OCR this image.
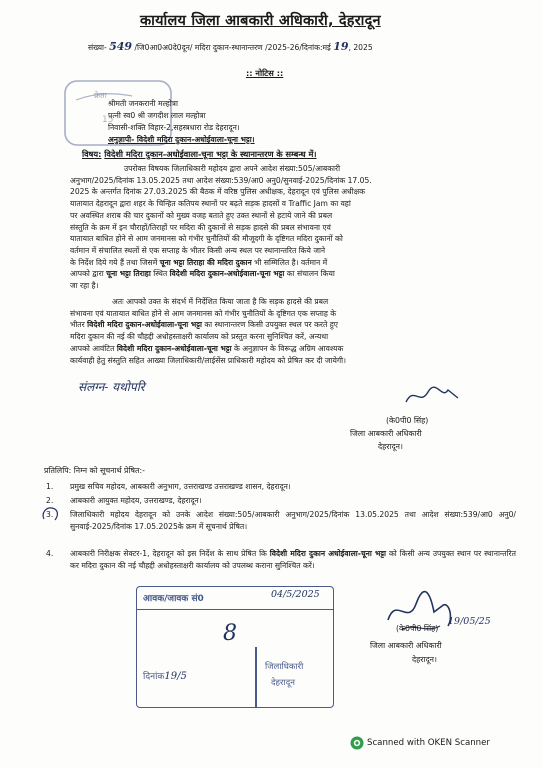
कार्यालय जिला आबकारी अधिकारी, देहरादून
संख्या- 549 /जि0आ0अ0दे0दून/ मदिरा दुकान-स्थानान्तरण /2025-26/दिनांक:मई 19, 2025
:: नोटिस ::
क्रेता
15
श्रीमती जनकरानी मल्होत्रा
पत्नी स्व0 श्री जगदीश लाल मल्होत्रा
निवासी-शक्ति विहार-2,सहस्त्रधारा रोड देहरादून।
अनुज्ञापी- विदेशी मदिरा दुकान-अधोईवाला-चूना भट्टा।
विषय: विदेशी मदिरा दुकान-अधोईवाला-चूना भट्टा के स्थानान्तरण के सम्बन्ध में।
उपरोक्त विषयक जिलाधिकारी महोदय द्वारा अपने आदेश संख्या:505/आबकारी
अनुभाग/2025/दिनांक 13.05.2025 तथा आदेश संख्या:539/आ0 अनु0/सुनवाई-2025/दिनांक 17.05.
2025 के अन्तर्गत दिनांक 27.03.2025 की बैठक में वरिष्ठ पुलिस अधीक्षक, देहरादून एवं पुलिस अधीक्षक
यातायात देहरादून द्वारा शहर के चिन्हित कतिपय स्थानों पर बढ़ते सड़क हादसों व Traffic Jam का वहां
पर अवस्थित शराब की चार दुकानों को मुख्य वजह बताते हुए उक्त स्थानों से हटाये जाने की प्रबल
संस्तुति के क्रम में इन चौराहों/तिराहों पर मदिरा की दुकानों से सड़क हादसे की प्रबल संभावना एवं
यातायात बाधित होने से आम जनमानस को गंभीर चुनौतियों की मौजूदगी के दृष्टिगत मदिरा दुकानों को
वर्तमान में संचालित स्थलों से एक सप्ताह के भीतर किसी अन्य स्थल पर स्थानान्तरित किये जाने
के निर्देश दिये गये हैं तथा जिसमें चूना भट्टा तिराहा की मदिरा दुकान भी सम्मिलित है। वर्तमान में
आपको द्वारा चूना भट्टा तिराहा स्थित विदेशी मदिरा दुकान-अधोईवाला-चूना भट्टा का संचालन किया
जा रहा है।
अतः आपको उक्त के संदर्भ में निर्देशित किया जाता है कि सड़क हादसे की प्रबल
संभावना एवं यातायात बाधित होने से आम जनमानस को गंभीर चुनौतियों के दृष्टिगत एक सप्ताह के
भीतर विदेशी मदिरा दुकान-अधोईवाला-चूना भट्टा का स्थानान्तरण किसी उपयुक्त स्थल पर करते हुए
मदिरा दुकान की नई की चौहद्दी अधोहस्ताक्षरी कार्यालय को प्रस्तुत करना सुनिश्चित करें, अन्यथा
आपको आवंटित विदेशी मदिरा दुकान-अधोईवाला-चूना भट्टा के अनुज्ञापन के विरूद्ध अग्रिम आवश्यक
कार्यवाही हेतु संस्तुति सहित आख्या जिलाधिकारी/लाईसेंस प्राधिकारी महोदय को प्रेषित कर दी जायेगी।
संलग्न- यथोपरि
(के0पी0 सिंह)
जिला आबकारी अधिकारी
देहरादून।
प्रतिलिपि: निम्न को सूचनार्थ प्रेषित:-
1. प्रमुख सचिव महोदय, आबकारी अनुभाग, उत्तराखण्ड उत्तराखण्ड शासन, देहरादून।
2. आबकारी आयुक्त महोदय, उत्तराखण्ड, देहरादून।
3. जिलाधिकारी महोदय देहरादून को उनके आदेश संख्या:505/आबकारी अनुभाग/2025/दिनांक 13.05.2025 तथा आदेश संख्या:539/आ0 अनु0/सुनवाई-2025/दिनांक 17.05.2025के क्रम में सूचनार्थ प्रेषित।
4. आबकारी निरीक्षक सेक्टर-1, देहरादून को इस निर्देश के साथ प्रेषित कि विदेशी मदिरा दुकान अधोईवाला-चूना भट्टा को किसी अन्य उपयुक्त स्थान पर स्थानान्तरित कर मदिरा दुकान की नई चौहद्दी अधोहस्ताक्षरी कार्यालय को उपलब्ध कराना सुनिश्चित करें।
आवक/जावक सं0	04/5/2025
8
दिनांक19/5
जिलाधिकारी
देहरादून
19/05/25
(के0पी0 सिंह)
जिला आबकारी अधिकारी
देहरादून।
Scanned with OKEN Scanner
